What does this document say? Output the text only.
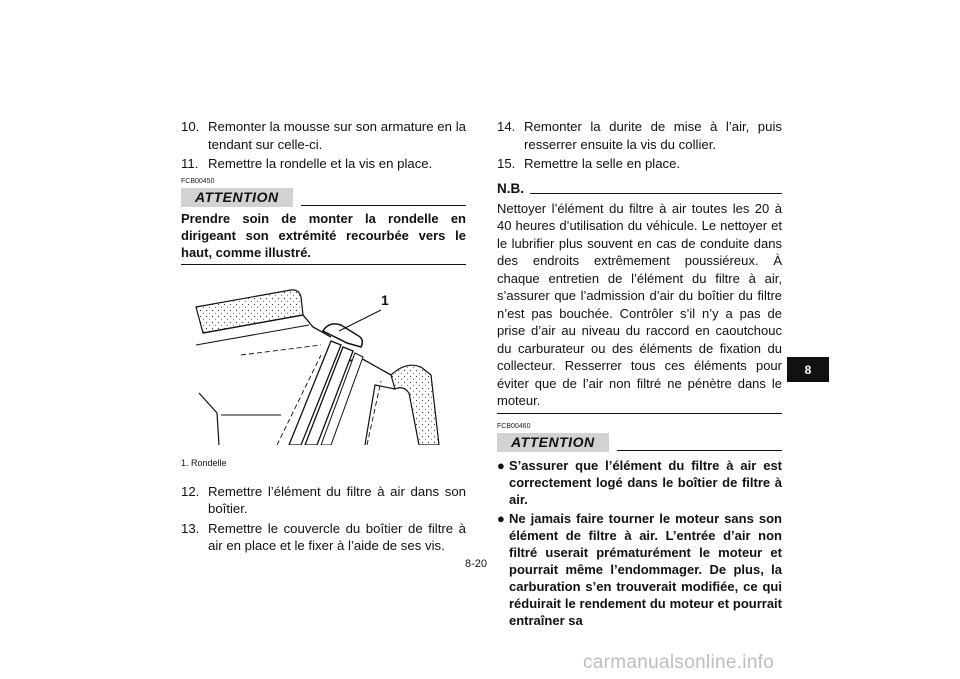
10. Remonter la mousse sur son armature en la tendant sur celle-ci.
11. Remettre la rondelle et la vis en place.
FCB00450
ATTENTION
Prendre soin de monter la rondelle en dirigeant son extrémité recourbée vers le haut, comme illustré.
1
1. Rondelle
12. Remettre l’élément du filtre à air dans son boîtier.
13. Remettre le couvercle du boîtier de filtre à air en place et le fixer à l’aide de ses vis.
14. Remonter la durite de mise à l’air, puis resserrer ensuite la vis du collier.
15. Remettre la selle en place.
N.B.
Nettoyer l’élément du filtre à air toutes les 20 à 40 heures d’utilisation du véhicule. Le nettoyer et le lubrifier plus souvent en cas de conduite dans des endroits extrêmement poussiéreux. À chaque entretien de l’élément du filtre à air, s’assurer que l’admission d’air du boîtier du filtre n’est pas bouchée. Contrôler s’il n’y a pas de prise d’air au niveau du raccord en caoutchouc du carburateur ou des éléments de fixation du collecteur. Resserrer tous ces éléments pour éviter que de l’air non filtré ne pénètre dans le moteur.
FCB00460
ATTENTION
● S’assurer que l’élément du filtre à air est correctement logé dans le boîtier de filtre à air.
● Ne jamais faire tourner le moteur sans son élément de filtre à air. L’entrée d’air non filtré userait prématurément le moteur et pourrait même l’endommager. De plus, la carburation s’en trouverait modifiée, ce qui réduirait le rendement du moteur et pourrait entraîner sa
8-20
8
carmanualsonline.info
